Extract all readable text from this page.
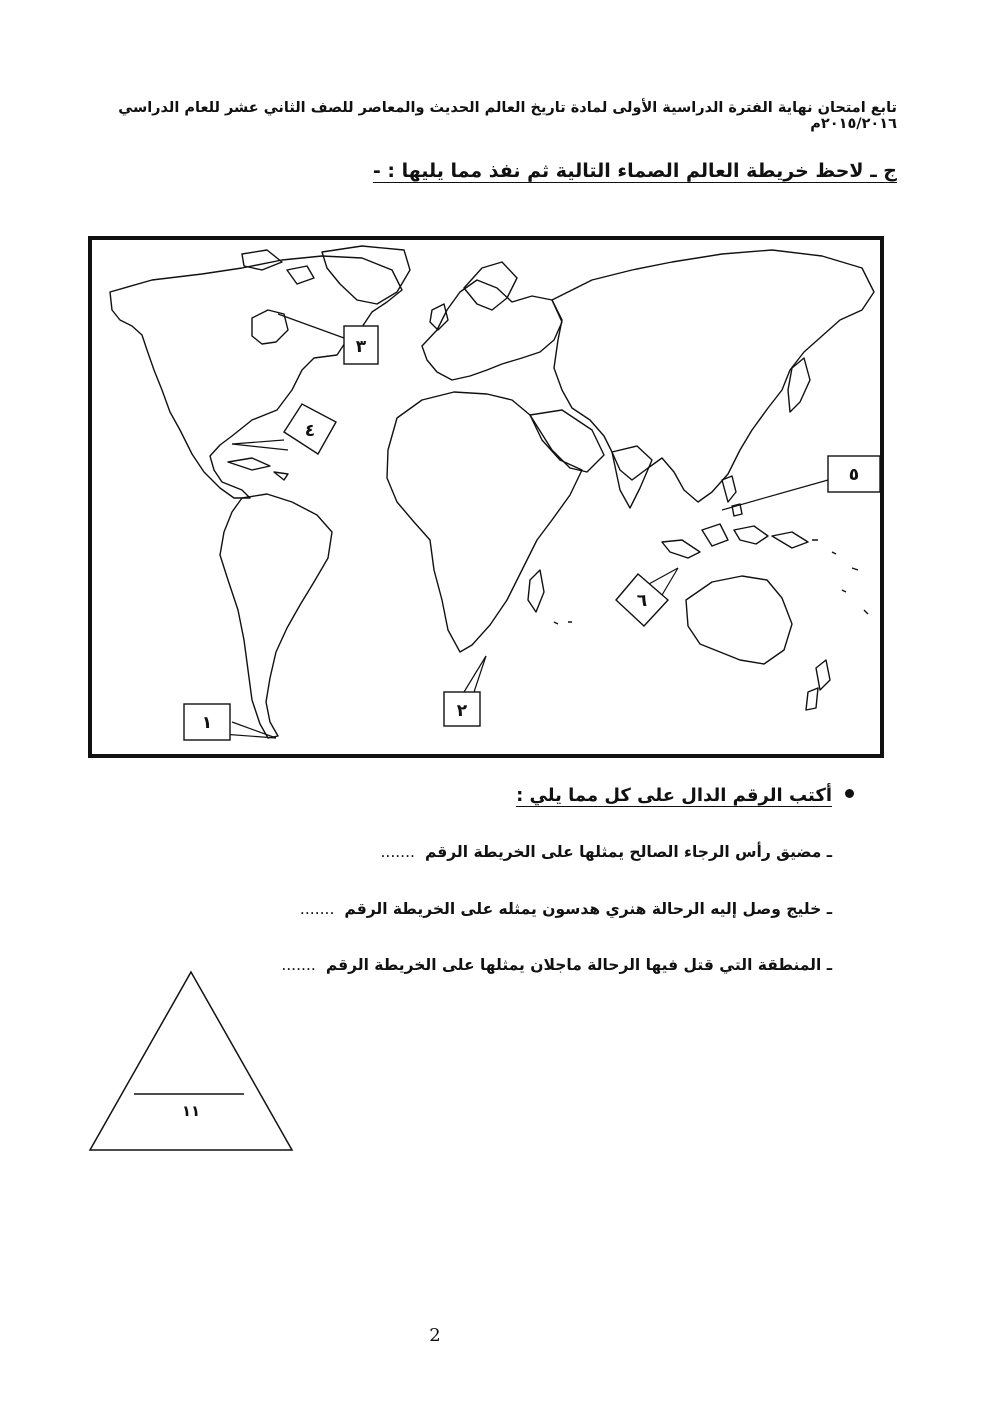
تابع امتحان نهاية الفترة الدراسية الأولى لمادة تاريخ العالم الحديث والمعاصر للصف الثاني عشر للعام الدراسي ٢٠١٥/٢٠١٦م
ج ـ لاحظ خريطة العالم الصماء التالية ثم نفذ مما يليها : -
٣
٤
٥
٦
٢
١
أكتب الرقم الدال على كل مما يلي :
ـ مضيق رأس الرجاء الصالح يمثلها على الخريطة الرقم.......
ـ خليج وصل إليه الرحالة هنري هدسون يمثله على الخريطة الرقم.......
ـ المنطقة التي قتل فيها الرحالة ماجلان يمثلها على الخريطة الرقم.......
١١
2
